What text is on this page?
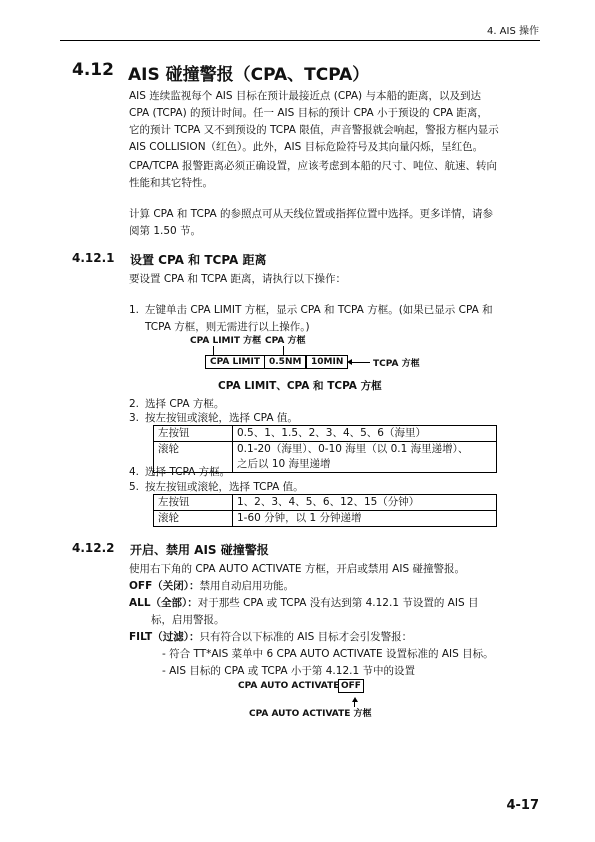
4. AIS 操作
4.12 AIS 碰撞警报（CPA、TCPA）
AIS 连续监视每个 AIS 目标在预计最接近点 (CPA) 与本船的距离，以及到达
CPA (TCPA) 的预计时间。任一 AIS 目标的预计 CPA 小于预设的 CPA 距离，
它的预计 TCPA 又不到预设的 TCPA 限值，声音警报就会响起，警报方框内显示
AIS COLLISION（红色）。此外，AIS 目标危险符号及其向量闪烁，呈红色。
CPA/TCPA 报警距离必须正确设置，应该考虑到本船的尺寸、吨位、航速、转向
性能和其它特性。
计算 CPA 和 TCPA 的参照点可从天线位置或指挥位置中选择。更多详情，请参
阅第 1.50 节。
4.12.1 设置 CPA 和 TCPA 距离
要设置 CPA 和 TCPA 距离，请执行以下操作：
1. 左键单击 CPA LIMIT 方框，显示 CPA 和 TCPA 方框。(如果已显示 CPA 和
TCPA 方框，则无需进行以上操作。)
CPA LIMIT 方框 CPA 方框
CPA LIMIT 0.5NM	10MIN	TCPA 方框
CPA LIMIT、CPA 和 TCPA 方框
2. 选择 CPA 方框。
3. 按左按钮或滚轮，选择 CPA 值。
左按钮	0.5、1、1.5、2、3、4、5、6（海里）
滚轮	0.1-20（海里）、0-10 海里（以 0.1 海里递增）、
	之后以 10 海里递增
4. 选择 TCPA 方框。
5. 按左按钮或滚轮，选择 TCPA 值。
左按钮	1、2、3、4、5、6、12、15（分钟）
滚轮	1-60 分钟，以 1 分钟递增
4.12.2 开启、禁用 AIS 碰撞警报
使用右下角的 CPA AUTO ACTIVATE 方框，开启或禁用 AIS 碰撞警报。
OFF（关闭）：禁用自动启用功能。
ALL（全部）：对于那些 CPA 或 TCPA 没有达到第 4.12.1 节设置的 AIS 目
标，启用警报。
FILT（过滤）：只有符合以下标准的 AIS 目标才会引发警报：
- 符合 TT*AIS 菜单中 6 CPA AUTO ACTIVATE 设置标准的 AIS 目标。
- AIS 目标的 CPA 或 TCPA 小于第 4.12.1 节中的设置
CPA AUTO ACTIVATE OFF
CPA AUTO ACTIVATE 方框
4-17
